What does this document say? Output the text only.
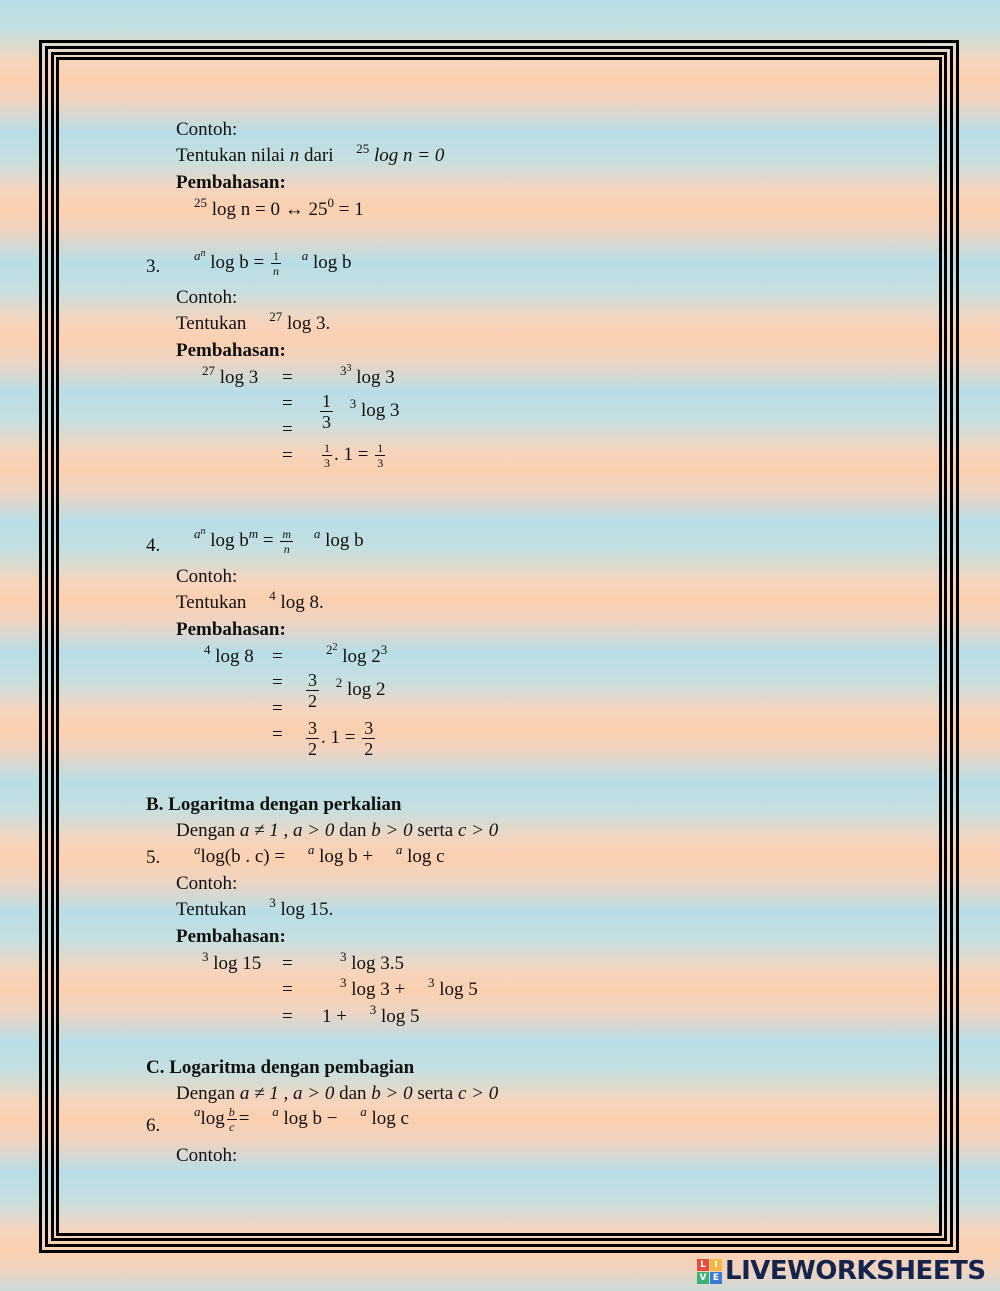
Contoh:
Tentukan nilai n dari $^{25}$ log n = 0
Pembahasan:
$^{25}$ log n = 0 ↔ $25^0 = 1$
3.
$^{an}$ $\log b = \frac{1}{n} ^a$ log b
Contoh:
Tentukan $^{27}$ log 3.
Pembahasan:
$^{27}$ log 3 =	$^{33}$ log 3
=
= $\frac{1}{3} ^3$ log 3
= $\frac{1}{3}$ . $1 = \frac{1}{3}$
4.
$^{an}$ $\log b^m = \frac{m}{n} ^a$ log b
Contoh:
Tentukan $^4$ log 8.
Pembahasan:
$^4$ log 8 =	$^{22}$ $\log 2^3$
=
= $\frac{3}{2} ^2$ log 2
= $\frac{3}{2}$ . $1 = \frac{3}{2}$
B. Logaritma dengan perkalian
Dengan a ≠ 1 , a > 0 dan b > 0 serta c > 0
5.	$^a$log(b . c) = $^a$ log b + $^a$ log c
Contoh:
Tentukan $^3$ log 15.
Pembahasan:
$^3$ log 15 =	$^3$ log 3.5
=	$^3$ log 3 + $^3$ log 5
= 1 + $^3$ log 5
C. Logaritma dengan pembagian
Dengan a ≠ 1 , a > 0 dan b > 0 serta c > 0
6.
$^a\log \frac{b}{c} = ^a$ log b − $^a$ log c
Contoh:
L I
V E LIVEWORKSHEETS
